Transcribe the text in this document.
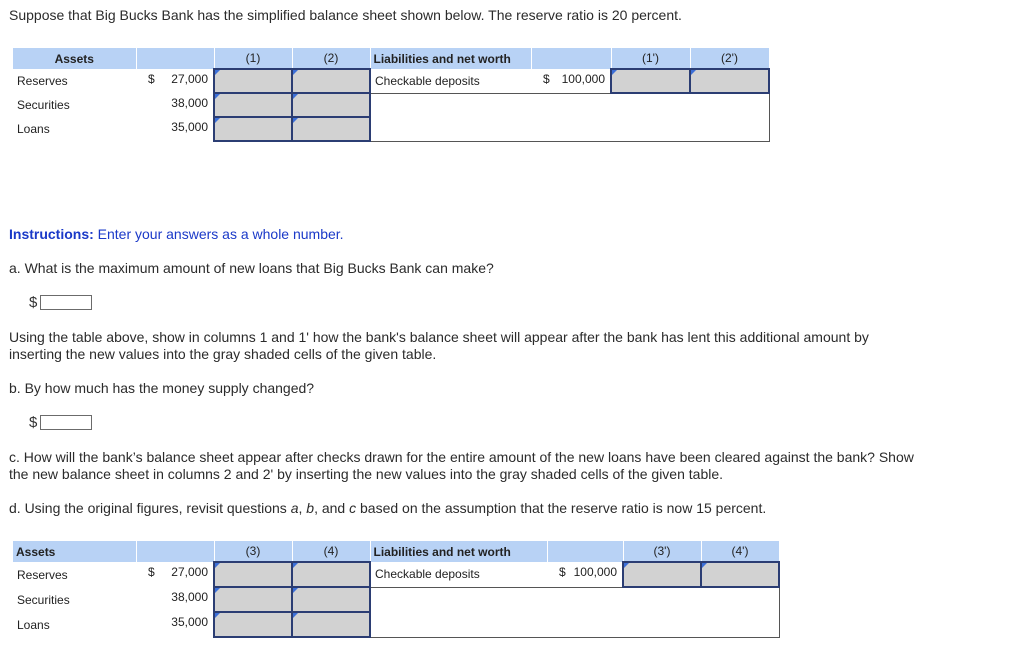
Suppose that Big Bucks Bank has the simplified balance sheet shown below. The reserve ratio is 20 percent.
Assets		(1)	(2)	Liabilities and net worth		(1')	(2')
Reserves	$ 27,000			Checkable deposits	$ 100,000

Securities	38,000

Loans	35,000

Instructions: Enter your answers as a whole number.
a. What is the maximum amount of new loans that Big Bucks Bank can make?
$
Using the table above, show in columns 1 and 1' how the bank's balance sheet will appear after the bank has lent this additional amount by inserting the new values into the gray shaded cells of the given table.
b. By how much has the money supply changed?
$
c. How will the bank’s balance sheet appear after checks drawn for the entire amount of the new loans have been cleared against the bank? Show the new balance sheet in columns 2 and 2' by inserting the new values into the gray shaded cells of the given table.
d. Using the original figures, revisit questions a, b, and c based on the assumption that the reserve ratio is now 15 percent.
Assets		(3)	(4)	Liabilities and net worth		(3')	(4')
Reserves	$ 27,000			Checkable deposits	$ 100,000

Securities	38,000

Loans	35,000
